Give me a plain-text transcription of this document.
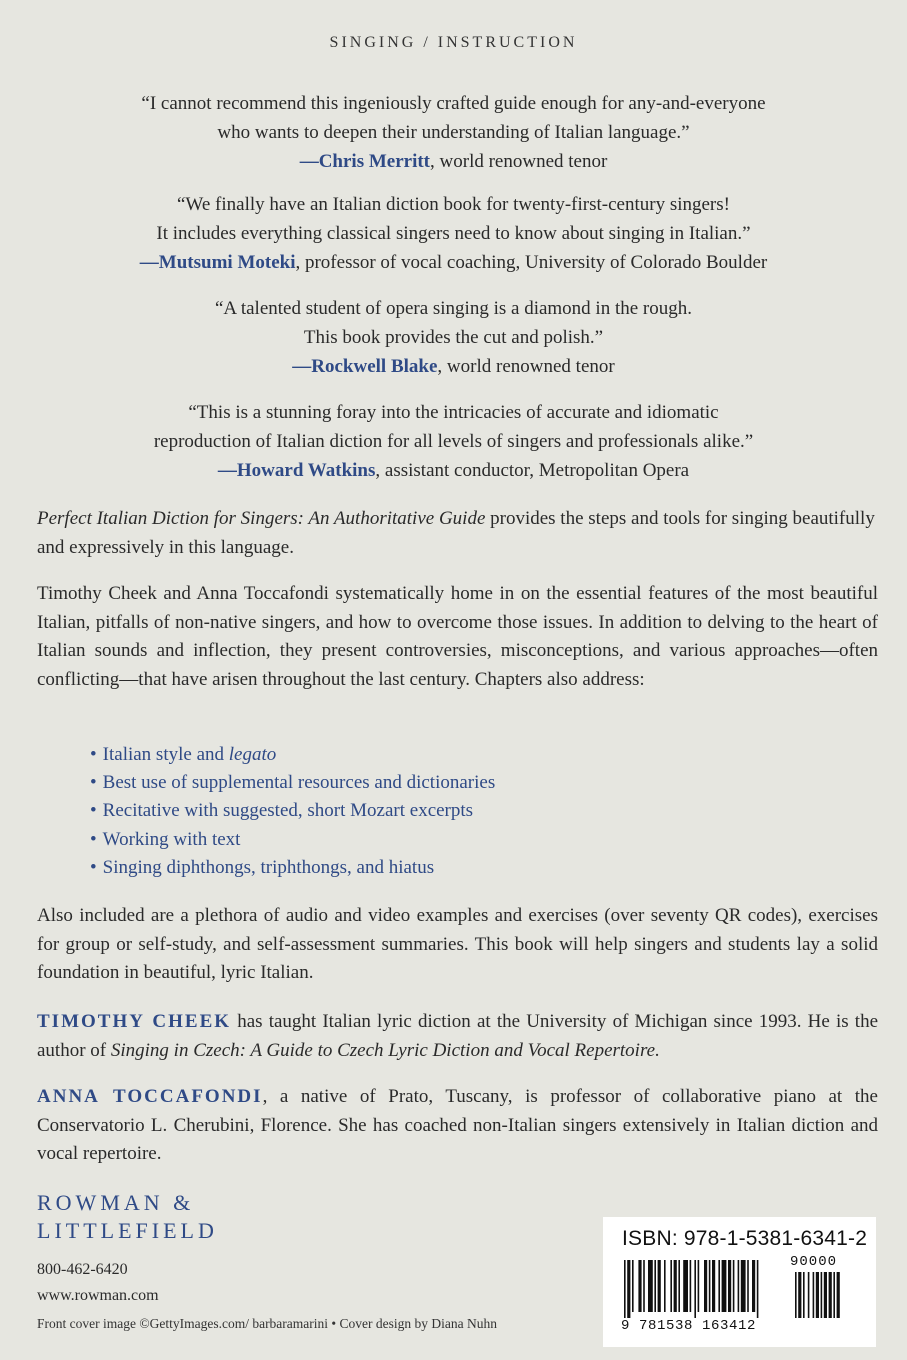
SINGING / INSTRUCTION
“I cannot recommend this ingeniously crafted guide enough for any-and-everyone
who wants to deepen their understanding of Italian language.”
—Chris Merritt, world renowned tenor
“We finally have an Italian diction book for twenty-first-century singers!
It includes everything classical singers need to know about singing in Italian.”
—Mutsumi Moteki, professor of vocal coaching, University of Colorado Boulder
“A talented student of opera singing is a diamond in the rough.
This book provides the cut and polish.”
—Rockwell Blake, world renowned tenor
“This is a stunning foray into the intricacies of accurate and idiomatic
reproduction of Italian diction for all levels of singers and professionals alike.”
—Howard Watkins, assistant conductor, Metropolitan Opera
Perfect Italian Diction for Singers: An Authoritative Guide provides the steps and tools for singing beautifully and expressively in this language.
Timothy Cheek and Anna Toccafondi systematically home in on the essential features of the most beautiful Italian, pitfalls of non-native singers, and how to overcome those issues. In addition to delving to the heart of Italian sounds and inflection, they present controversies, misconceptions, and various approaches—often conflicting—that have arisen throughout the last century. Chapters also address:
• Italian style and legato
• Best use of supplemental resources and dictionaries
• Recitative with suggested, short Mozart excerpts
• Working with text
• Singing diphthongs, triphthongs, and hiatus
Also included are a plethora of audio and video examples and exercises (over seventy QR codes), exercises for group or self-study, and self-assessment summaries. This book will help singers and students lay a solid foundation in beautiful, lyric Italian.
TIMOTHY CHEEK has taught Italian lyric diction at the University of Michigan since 1993. He is the author of Singing in Czech: A Guide to Czech Lyric Diction and Vocal Repertoire.
ANNA TOCCAFONDI, a native of Prato, Tuscany, is professor of collaborative piano at the Conservatorio L. Cherubini, Florence. She has coached non-Italian singers extensively in Italian diction and vocal repertoire.
ROWMAN &
LITTLEFIELD
800-462-6420
www.rowman.com
Front cover image ©GettyImages.com/ barbaramarini • Cover design by Diana Nuhn
ISBN: 978-1-5381-6341-2
90000
9 781538 163412
